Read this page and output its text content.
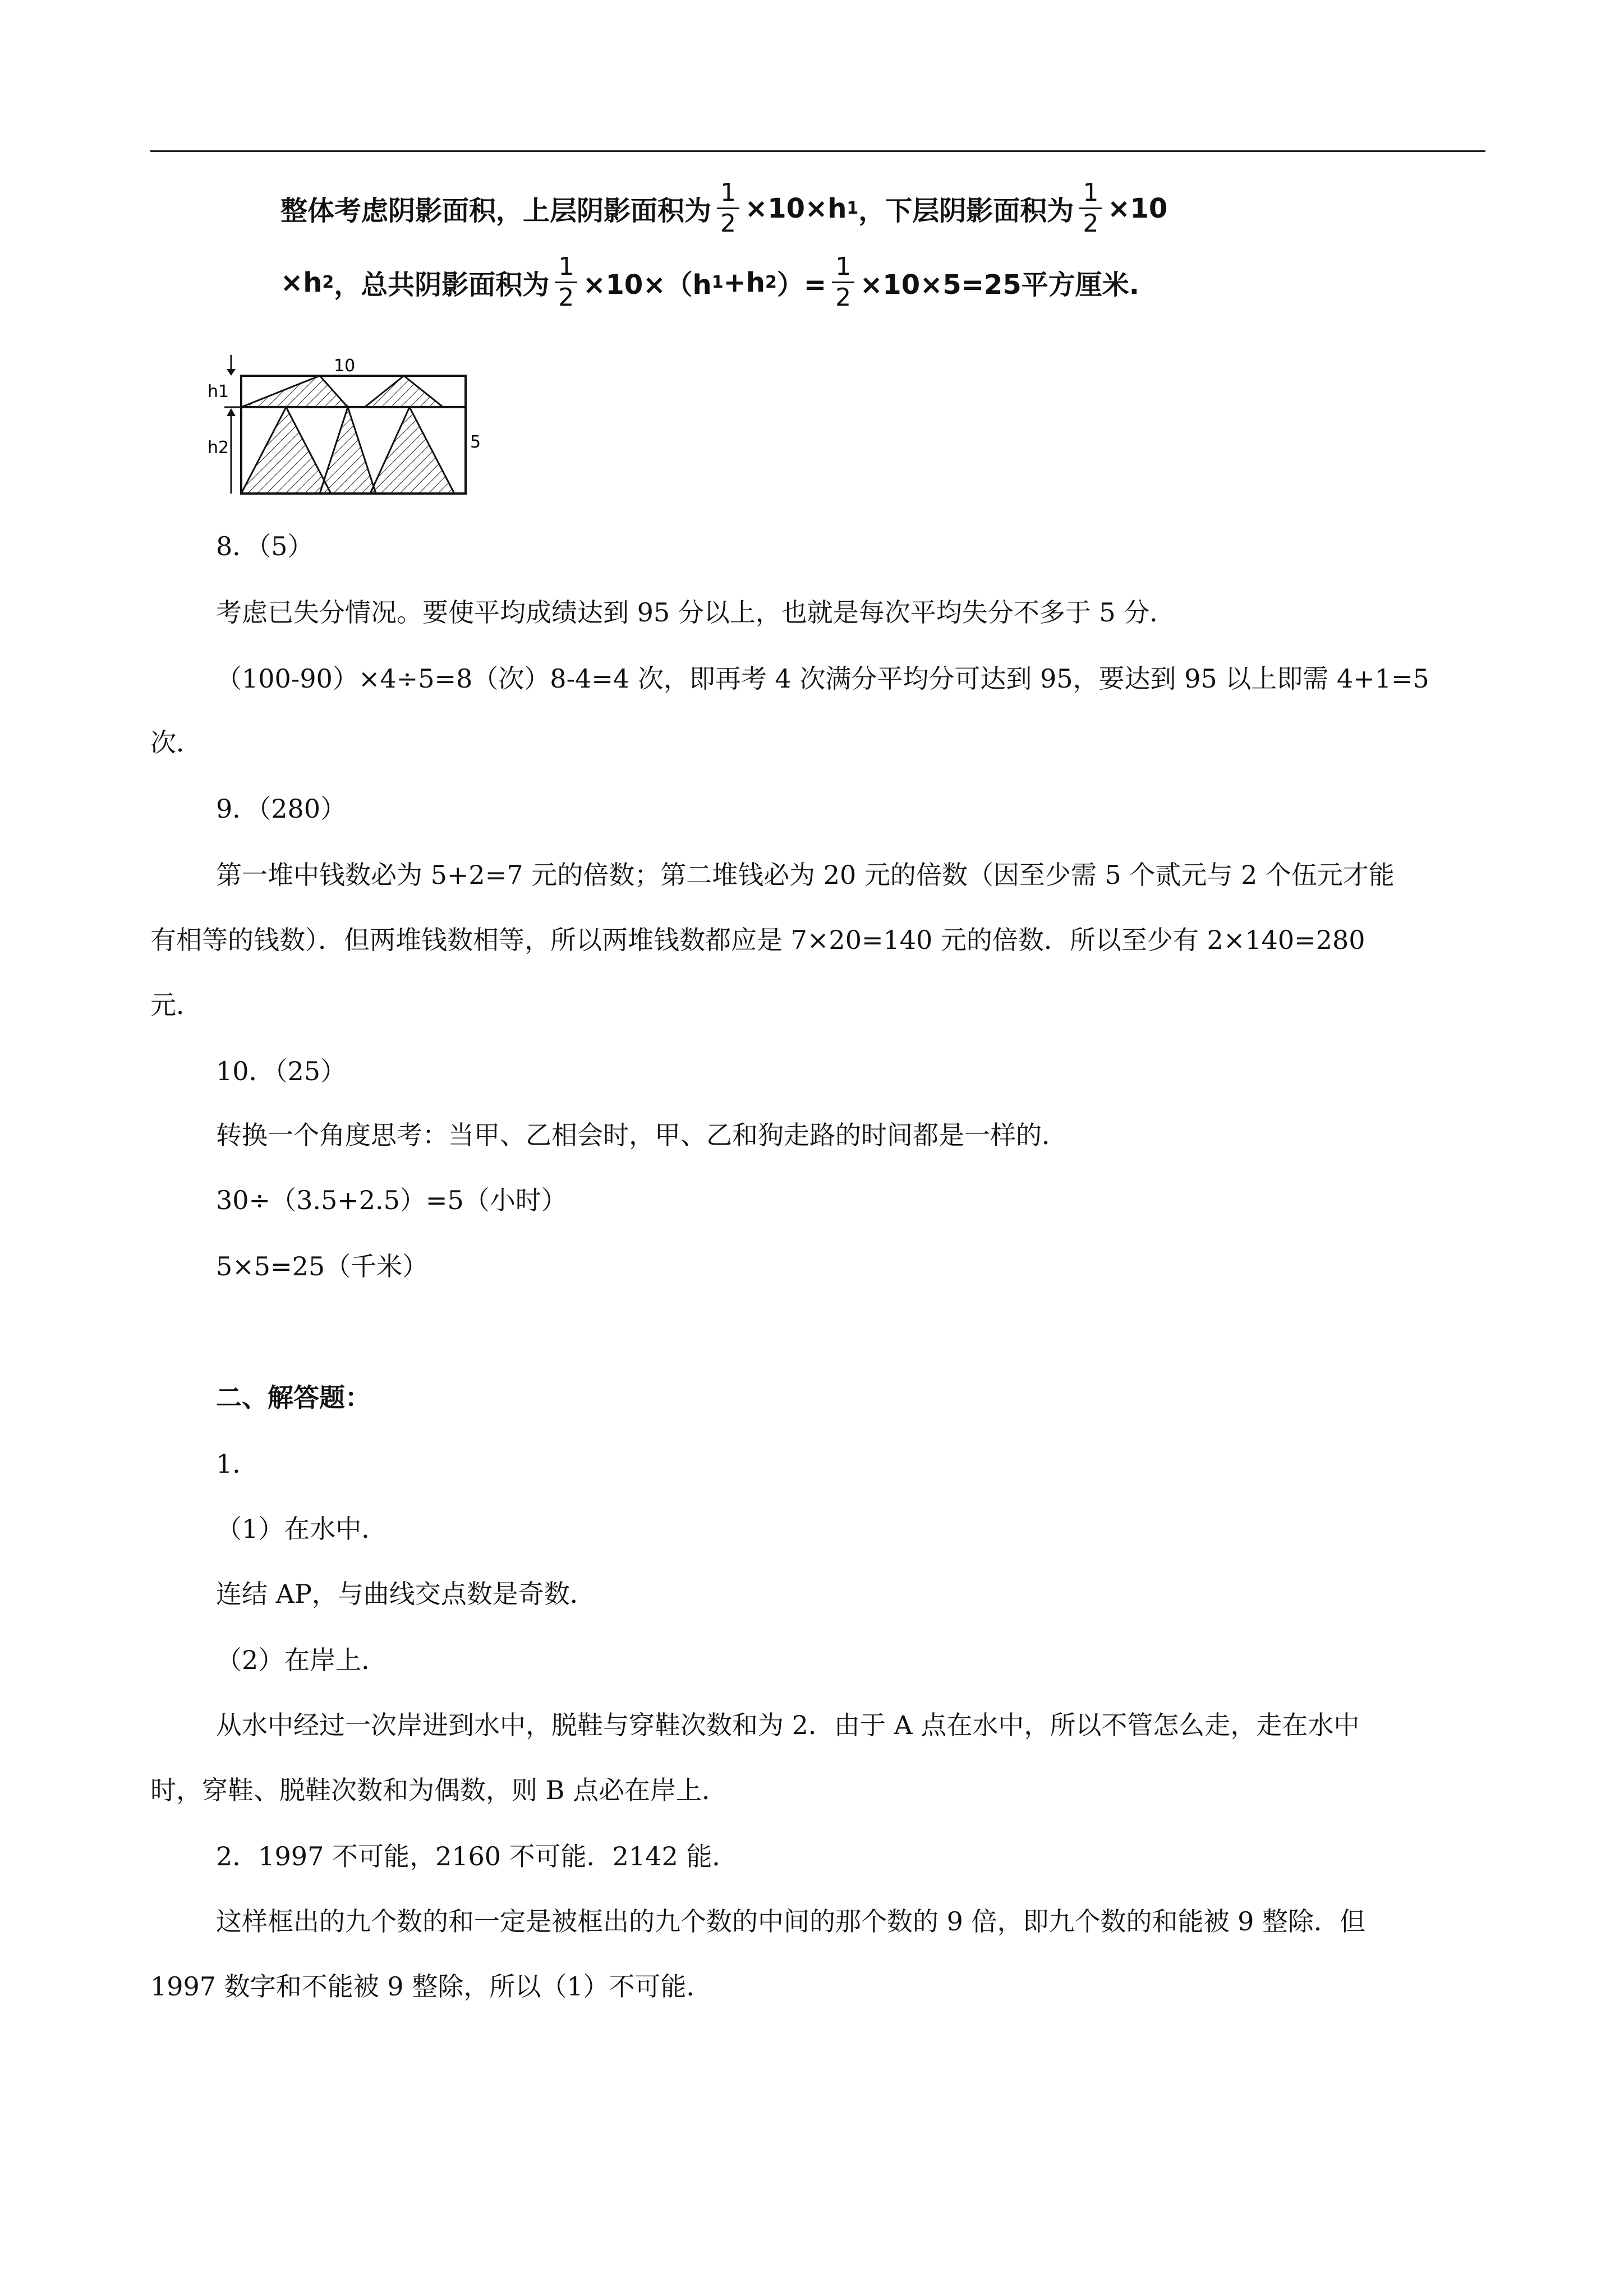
整体考虑阴影面积，上层阴影面积为 $\frac{1}{2} \times 10\times h$ 1 ，下层阴影面积为 $\frac{1}{2} \times 10$
×h 2 ，总共阴影面积为 $\frac{1}{2} \times 10\times(h$ 1 +h 2 ）= $\frac{1}{2} \times 10\times 5=25$平方厘米.
10
h1
h2	5
8．（5）
考虑已失分情况。要使平均成绩达到 95 分以上，也就是每次平均失分不多于 5 分．
（100-90）×4÷5=8（次）8-4=4 次，即再考 4 次满分平均分可达到 95，要达到 95 以上即需 4+1=5
次．
9．（280）
第一堆中钱数必为 5+2=7 元的倍数；第二堆钱必为 20 元的倍数（因至少需 5 个贰元与 2 个伍元才能
有相等的钱数）．但两堆钱数相等，所以两堆钱数都应是 7×20=140 元的倍数．所以至少有 2×140=280
元．
10．（25）
转换一个角度思考：当甲、乙相会时，甲、乙和狗走路的时间都是一样的．
30÷（3.5+2.5）=5（小时）
5×5=25（千米）
二、解答题：
1．
（1）在水中．
连结 AP，与曲线交点数是奇数．
（2）在岸上．
从水中经过一次岸进到水中，脱鞋与穿鞋次数和为 2．由于 A 点在水中，所以不管怎么走，走在水中
时，穿鞋、脱鞋次数和为偶数，则 B 点必在岸上．
2．1997 不可能，2160 不可能．2142 能．
这样框出的九个数的和一定是被框出的九个数的中间的那个数的 9 倍，即九个数的和能被 9 整除．但
1997 数字和不能被 9 整除，所以（1）不可能．
